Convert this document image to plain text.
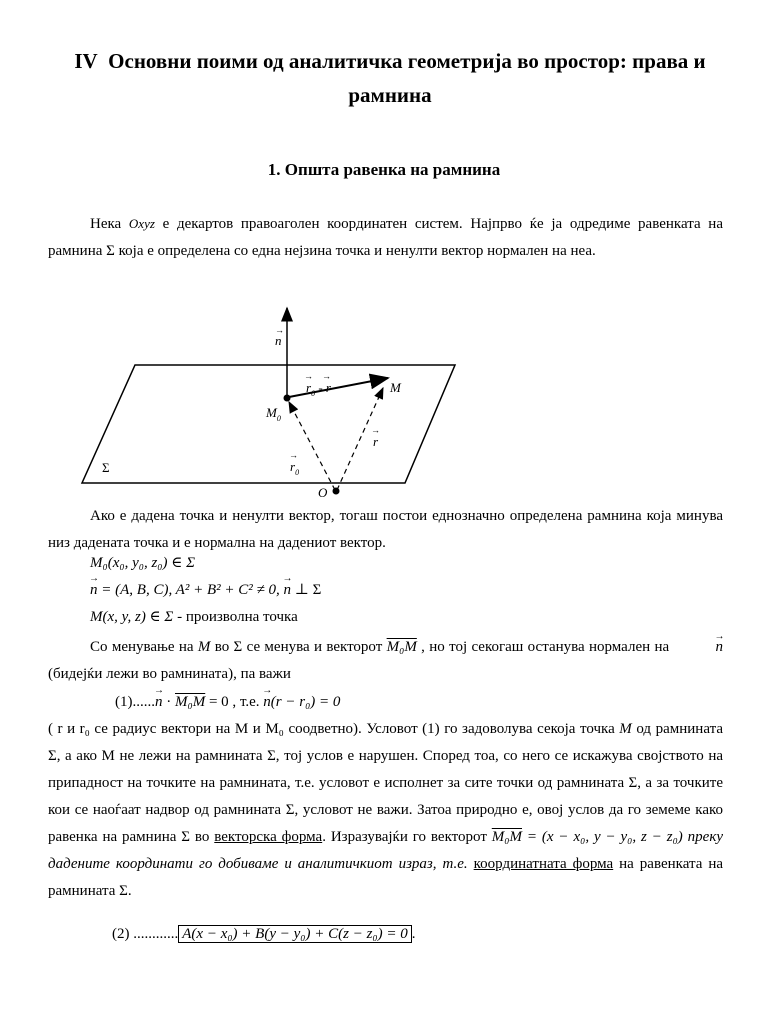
IV Основни поими од аналитичка геометрија во простор: права и рамнина
1. Општа равенка на рамнина
Нека Oxyz е декартов правоаголен координатен систем. Најпрво ќе ја одредиме равенката на рамнина Σ која е определена со една нејзина точка и ненулти вектор нормален на неа.
n
→
$r_0$ - r
→ →
M
$M_0$
r
→
$r_0$
→
O
Σ
Ако е дадена точка и ненулти вектор, тогаш постои еднозначно определена рамнина која минува низ дадената точка и е нормална на дадениот вектор.
M₀(x₀, y₀, z₀) ∈ Σ
→ n = (A, B, C), A² + B² + C² ≠ 0, → n ⊥ Σ
M(x, y, z) ∈ Σ - произволна точка
Со менување на M во Σ се менува и векторот M₀M , но тој секогаш останува нормален на	→ n (бидејќи лежи во рамнината), па важи
(1)......→ n · M₀M = 0 , т.е. → n(r − r₀) = 0
( r и r₀ се радиус вектори на M и M₀ соодветно). Условот (1) го задоволува секоја точка M од рамнината Σ, а ако M не лежи на рамнината Σ, тој услов е нарушен. Според тоа, со него се искажува својството на припадност на точките на рамнината, т.е. условот е исполнет за сите точки од рамнината Σ, а за точките кои се наоѓаат надвор од рамнината Σ, условот не важи. Затоа природно е, овој услов да го земеме како равенка на рамнина Σ во векторска форма. Изразувајќи го векторот M₀M = (x − x₀, y − y₀, z − z₀) преку дадените координати го добиваме и аналитичкиот израз, т.е. координатната форма на равенката на рамнината Σ.
(2) ............ A(x − x₀) + B(y − y₀) + C(z − z₀) = 0 .
